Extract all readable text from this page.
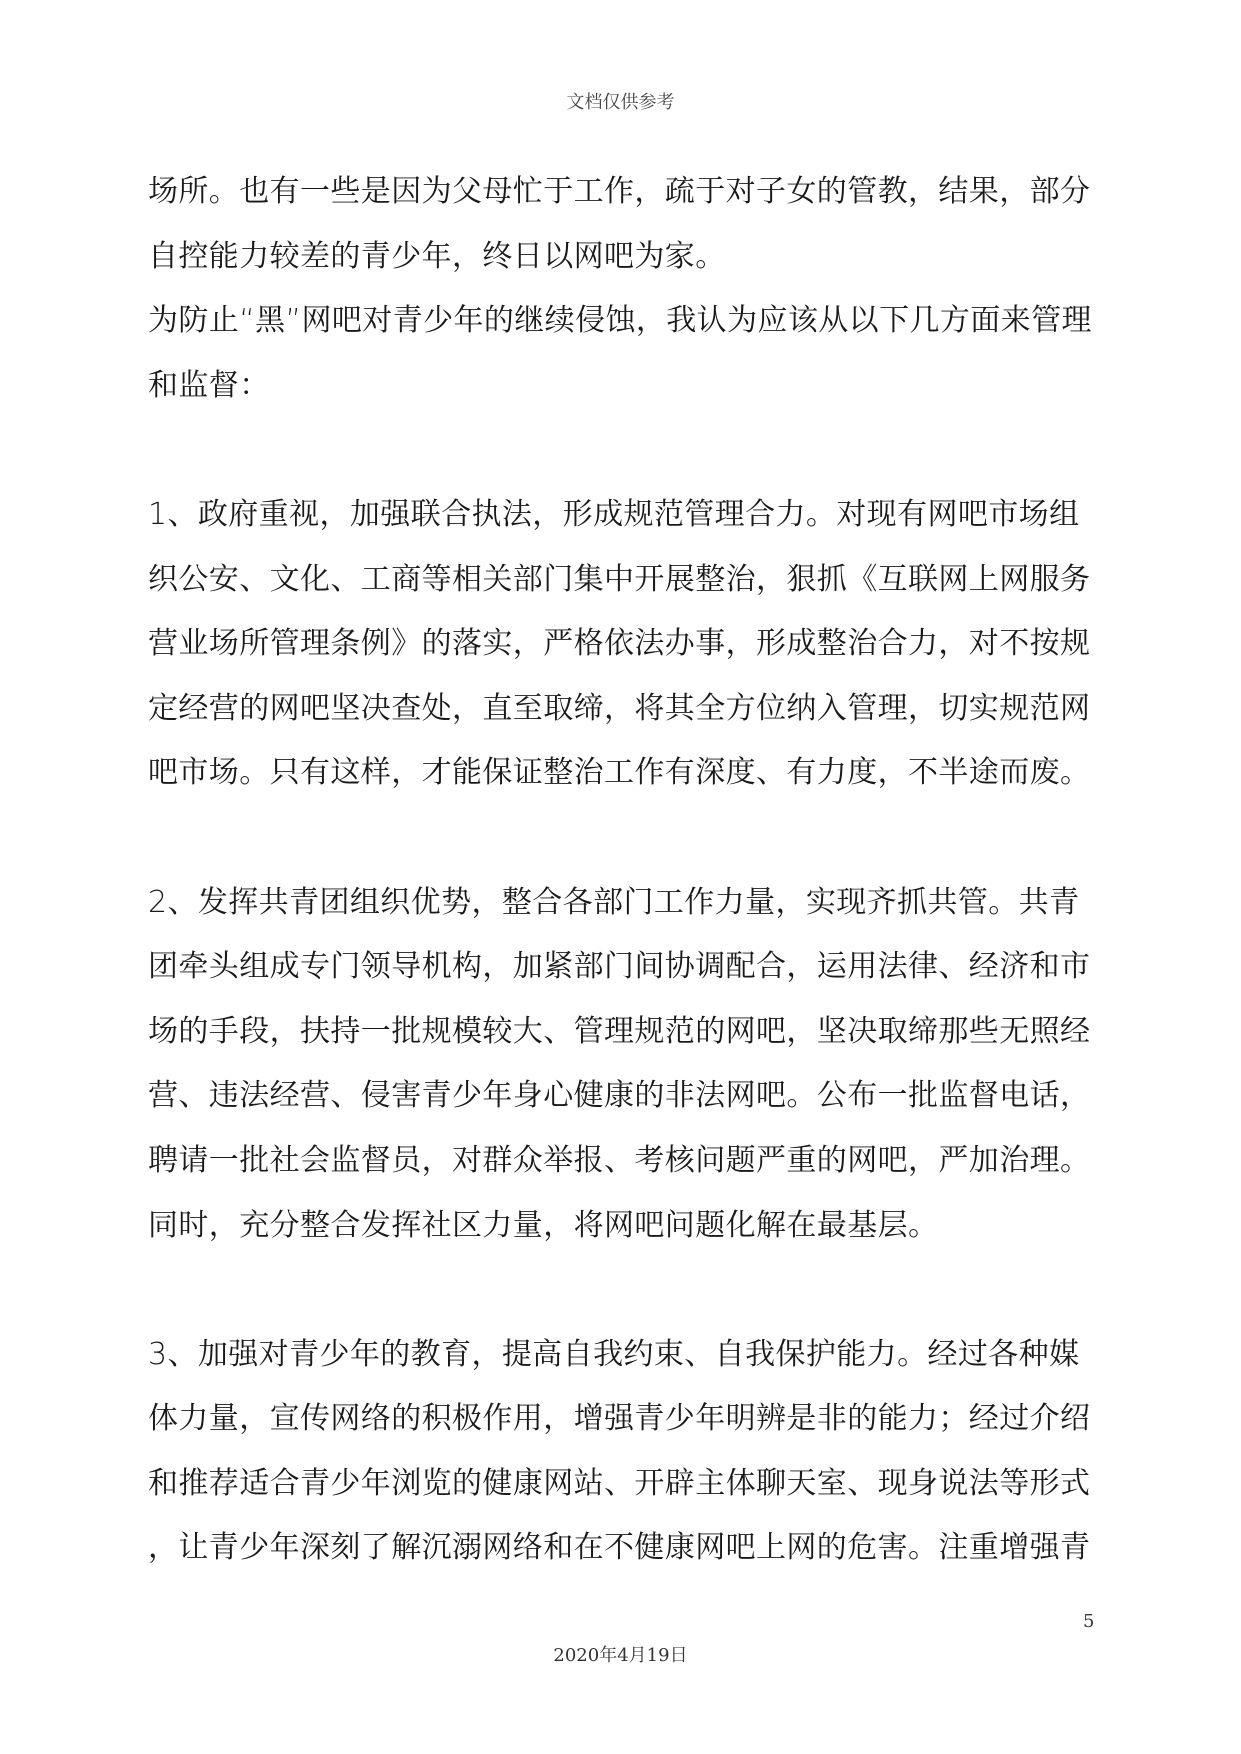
文档仅供参考
场所。也有一些是因为父母忙于工作，疏于对子女的管教，结果，部分
自控能力较差的青少年，终日以网吧为家。
为防止“黑”网吧对青少年的继续侵蚀，我认为应该从以下几方面来管理
和监督：
1、政府重视，加强联合执法，形成规范管理合力。对现有网吧市场组
织公安、文化、工商等相关部门集中开展整治，狠抓《互联网上网服务
营业场所管理条例》的落实，严格依法办事，形成整治合力，对不按规
定经营的网吧坚决查处，直至取缔，将其全方位纳入管理，切实规范网
吧市场。只有这样，才能保证整治工作有深度、有力度，不半途而废。
2、发挥共青团组织优势，整合各部门工作力量，实现齐抓共管。共青
团牵头组成专门领导机构，加紧部门间协调配合，运用法律、经济和市
场的手段，扶持一批规模较大、管理规范的网吧，坚决取缔那些无照经
营、违法经营、侵害青少年身心健康的非法网吧。公布一批监督电话，
聘请一批社会监督员，对群众举报、考核问题严重的网吧，严加治理。
同时，充分整合发挥社区力量，将网吧问题化解在最基层。
3、加强对青少年的教育，提高自我约束、自我保护能力。经过各种媒
体力量，宣传网络的积极作用，增强青少年明辨是非的能力；经过介绍
和推荐适合青少年浏览的健康网站、开辟主体聊天室、现身说法等形式
，让青少年深刻了解沉溺网络和在不健康网吧上网的危害。注重增强青
5
2020年4月19日
